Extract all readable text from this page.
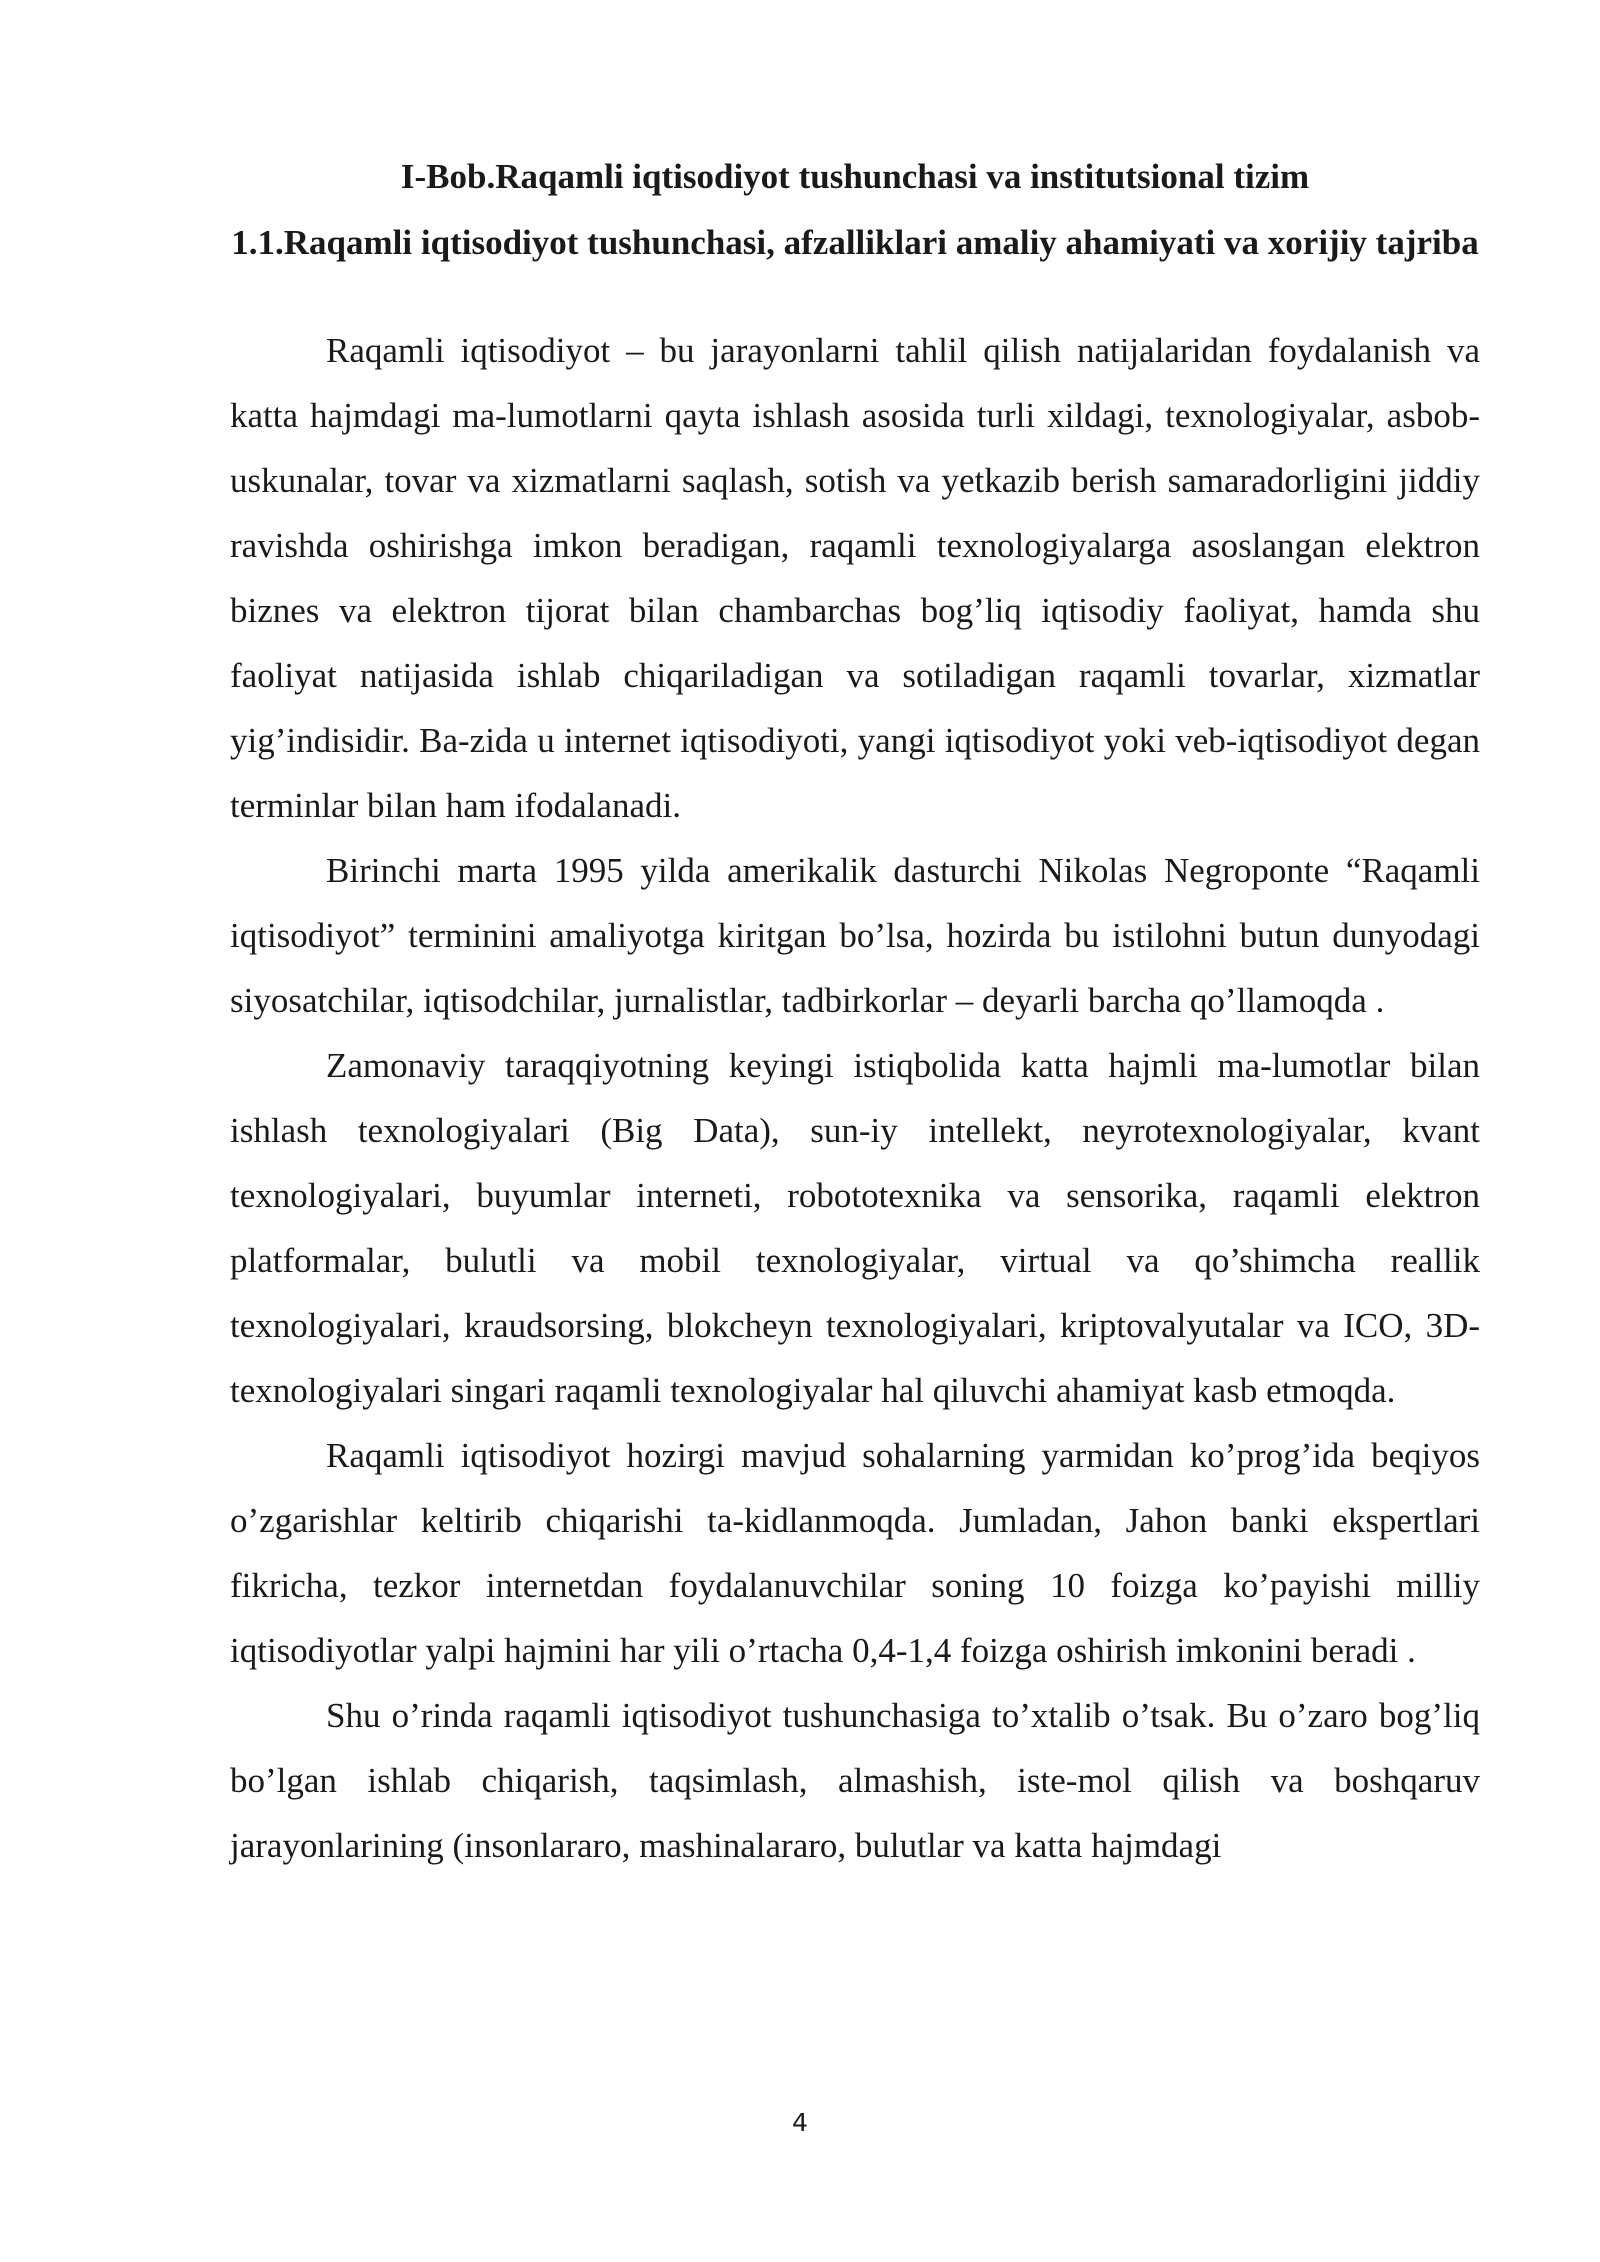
I-Bob.Raqamli iqtisodiyot tushunchasi va institutsional tizim
1.1.Raqamli iqtisodiyot tushunchasi, afzalliklari amaliy ahamiyati va xorijiy tajriba

Raqamli iqtisodiyot – bu jarayonlarni tahlil qilish natijalaridan foydalanish va katta hajmdagi ma-lumotlarni qayta ishlash asosida turli xildagi, texnologiyalar, asbob-uskunalar, tovar va xizmatlarni saqlash, sotish va yetkazib berish samaradorligini jiddiy ravishda oshirishga imkon beradigan, raqamli texnologiyalarga asoslangan elektron biznes va elektron tijorat bilan chambarchas bog’liq iqtisodiy faoliyat, hamda shu faoliyat natijasida ishlab chiqariladigan va sotiladigan raqamli tovarlar, xizmatlar yig’indisidir. Ba-zida u internet iqtisodiyoti, yangi iqtisodiyot yoki veb-iqtisodiyot degan terminlar bilan ham ifodalanadi.

Birinchi marta 1995 yilda amerikalik dasturchi Nikolas Negroponte “Raqamli iqtisodiyot” terminini amaliyotga kiritgan bo’lsa, hozirda bu istilohni butun dunyodagi siyosatchilar, iqtisodchilar, jurnalistlar, tadbirkorlar – deyarli barcha qo’llamoqda .

Zamonaviy taraqqiyotning keyingi istiqbolida katta hajmli ma-lumotlar bilan ishlash texnologiyalari (Big Data), sun-iy intellekt, neyrotexnologiyalar, kvant texnologiyalari, buyumlar interneti, robototexnika va sensorika, raqamli elektron platformalar, bulutli va mobil texnologiyalar, virtual va qo’shimcha reallik texnologiyalari, kraudsorsing, blokcheyn texnologiyalari, kriptovalyutalar va ICO, 3D- texnologiyalari singari raqamli texnologiyalar hal qiluvchi ahamiyat kasb etmoqda.

Raqamli iqtisodiyot hozirgi mavjud sohalarning yarmidan ko’prog’ida beqiyos o’zgarishlar keltirib chiqarishi ta-kidlanmoqda. Jumladan, Jahon banki ekspertlari fikricha, tezkor internetdan foydalanuvchilar soning 10 foizga ko’payishi milliy iqtisodiyotlar yalpi hajmini har yili o’rtacha 0,4-1,4 foizga oshirish imkonini beradi .

Shu o’rinda raqamli iqtisodiyot tushunchasiga to’xtalib o’tsak. Bu o’zaro bog’liq bo’lgan ishlab chiqarish, taqsimlash, almashish, iste-mol qilish va boshqaruv jarayonlarining (insonlararo, mashinalararo, bulutlar va katta hajmdagi

4
